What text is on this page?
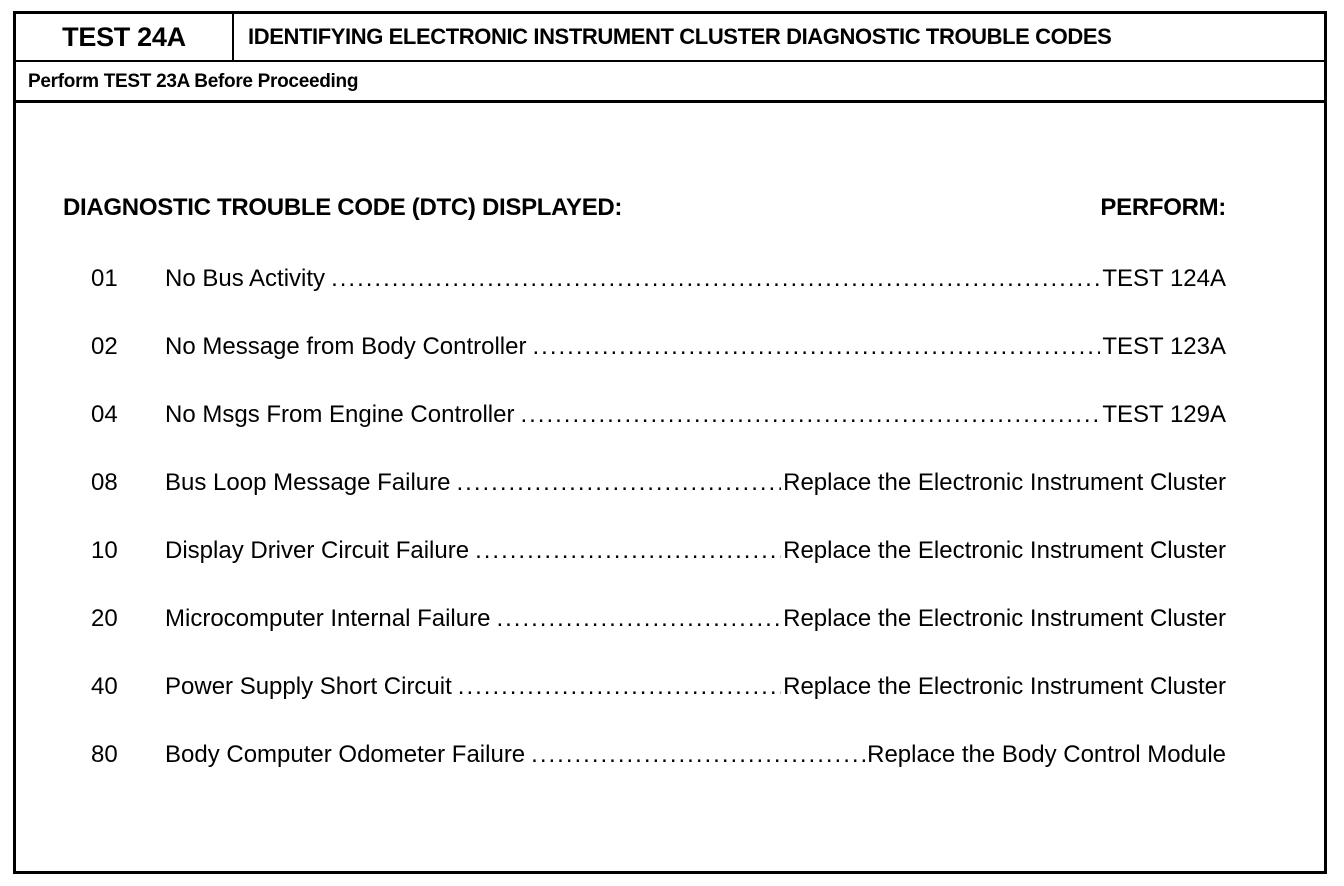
TEST 24A	IDENTIFYING ELECTRONIC INSTRUMENT CLUSTER DIAGNOSTIC TROUBLE CODES
Perform TEST 23A Before Proceeding
DIAGNOSTIC TROUBLE CODE (DTC) DISPLAYED:	PERFORM:
01 No Bus Activity .....	TEST 124A
02 No Message from Body Controller .....	TEST 123A
04 No Msgs From Engine Controller .....	TEST 129A
08 Bus Loop Message Failure .....	Replace the Electronic Instrument Cluster
10 Display Driver Circuit Failure .....	Replace the Electronic Instrument Cluster
20 Microcomputer Internal Failure .....	Replace the Electronic Instrument Cluster
40 Power Supply Short Circuit .....	Replace the Electronic Instrument Cluster
80 Body Computer Odometer Failure .....	Replace the Body Control Module
